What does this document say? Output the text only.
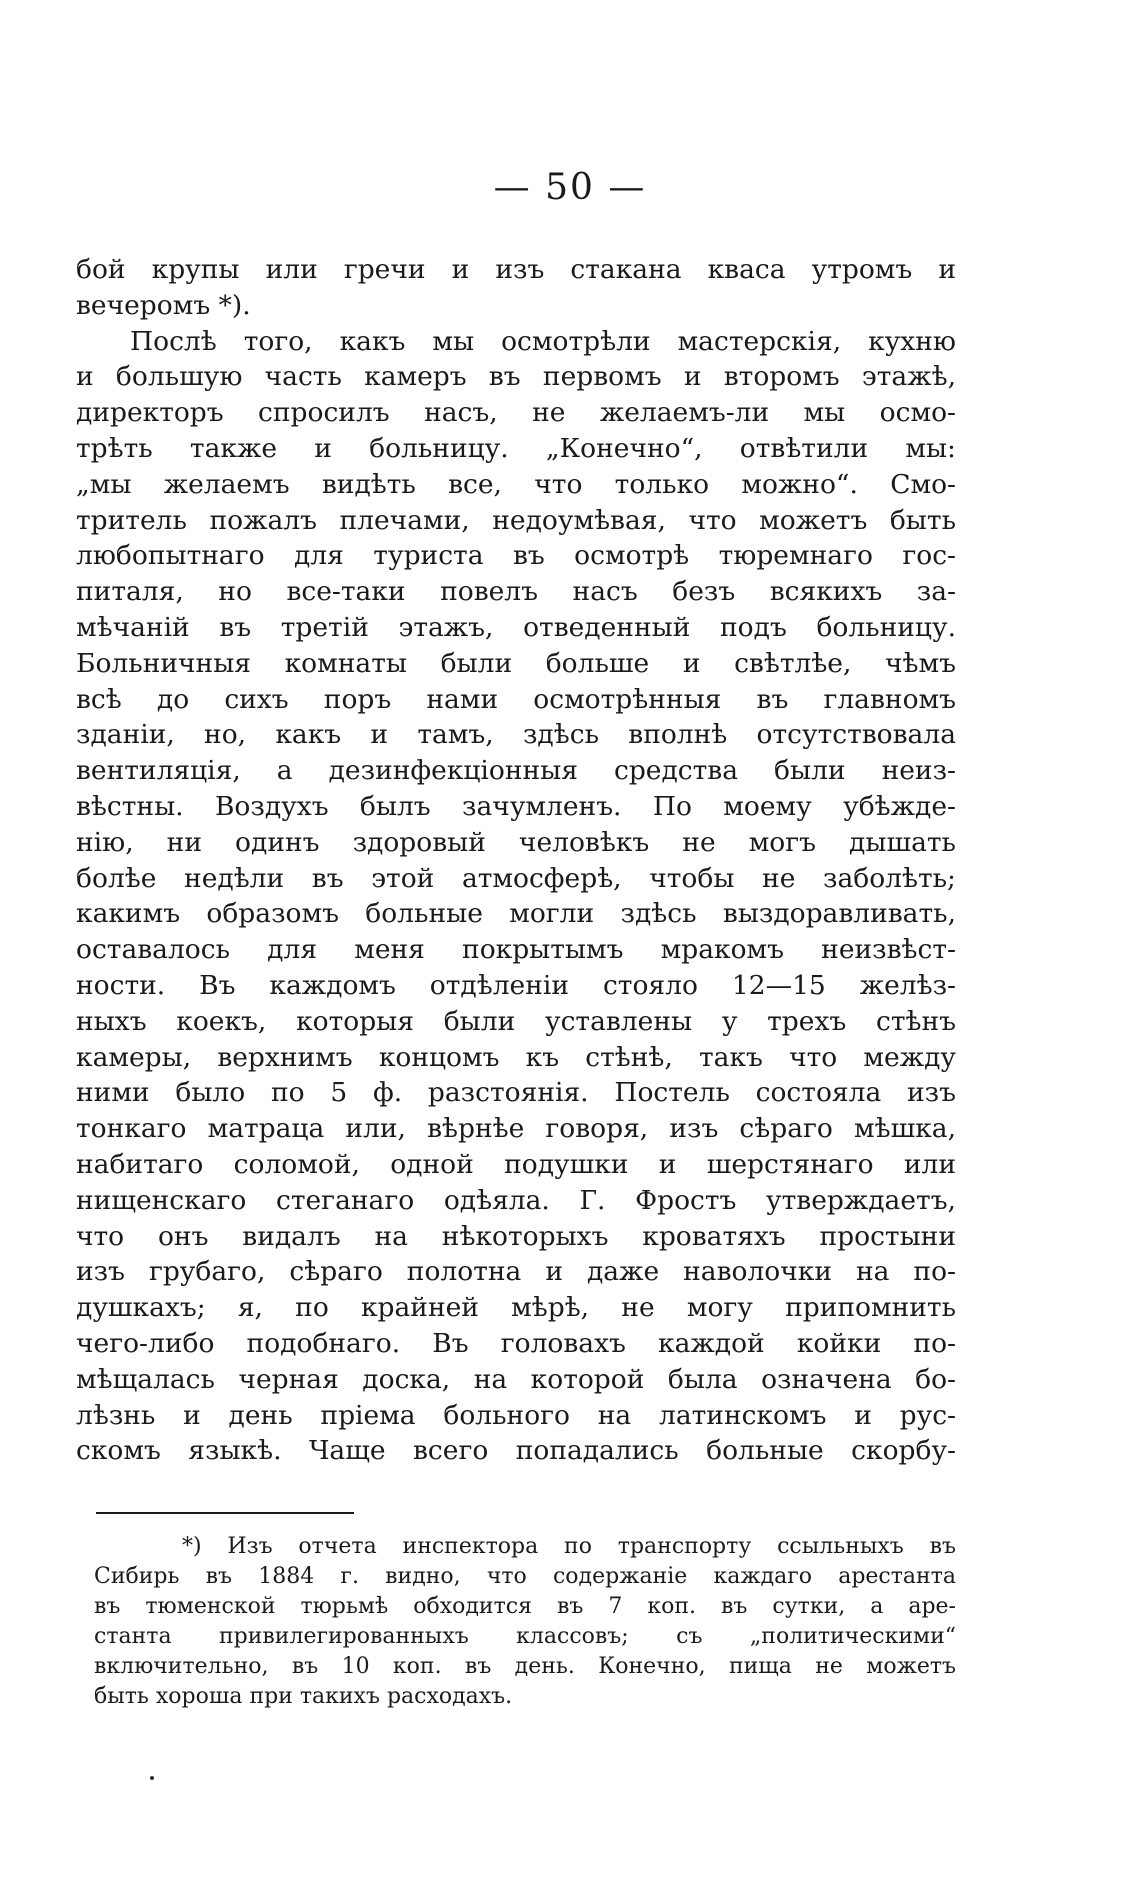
— 50 —
бой крупы или гречи и изъ стакана кваса утромъ и
вечеромъ *).
Послѣ того, какъ мы осмотрѣли мастерскія, кухню
и большую часть камеръ въ первомъ и второмъ этажѣ,
директоръ спросилъ насъ, не желаемъ-ли мы осмо-
трѣть также и больницу. „Конечно“, отвѣтили мы:
„мы желаемъ видѣть все, что только можно“. Смо-
тритель пожалъ плечами, недоумѣвая, что можетъ быть
любопытнаго для туриста въ осмотрѣ тюремнаго гос-
питаля, но все-таки повелъ насъ безъ всякихъ за-
мѣчаній въ третій этажъ, отведенный подъ больницу.
Больничныя комнаты были больше и свѣтлѣе, чѣмъ
всѣ до сихъ поръ нами осмотрѣнныя въ главномъ
зданіи, но, какъ и тамъ, здѣсь вполнѣ отсутствовала
вентиляція, а дезинфекціонныя средства были неиз-
вѣстны. Воздухъ былъ зачумленъ. По моему убѣжде-
нію, ни одинъ здоровый человѣкъ не могъ дышать
болѣе недѣли въ этой атмосферѣ, чтобы не заболѣть;
какимъ образомъ больные могли здѣсь выздоравливать,
оставалось для меня покрытымъ мракомъ неизвѣст-
ности. Въ каждомъ отдѣленіи стояло 12—15 желѣз-
ныхъ коекъ, которыя были уставлены у трехъ стѣнъ
камеры, верхнимъ концомъ къ стѣнѣ, такъ что между
ними было по 5 ф. разстоянія. Постель состояла изъ
тонкаго матраца или, вѣрнѣе говоря, изъ сѣраго мѣшка,
набитаго соломой, одной подушки и шерстянаго или
нищенскаго стеганаго одѣяла. Г. Фростъ утверждаетъ,
что онъ видалъ на нѣкоторыхъ кроватяхъ простыни
изъ грубаго, сѣраго полотна и даже наволочки на по-
душкахъ; я, по крайней мѣрѣ, не могу припомнить
чего-либо подобнаго. Въ головахъ каждой койки по-
мѣщалась черная доска, на которой была означена бо-
лѣзнь и день пріема больного на латинскомъ и рус-
скомъ языкѣ. Чаще всего попадались больные скорбу-
*) Изъ отчета инспектора по транспорту ссыльныхъ въ
Сибирь въ 1884 г. видно, что содержаніе каждаго арестанта
въ тюменской тюрьмѣ обходится въ 7 коп. въ сутки, а аре-
станта привилегированныхъ классовъ; съ „политическими“
включительно, въ 10 коп. въ день. Конечно, пища не можетъ
быть хороша при такихъ расходахъ.
